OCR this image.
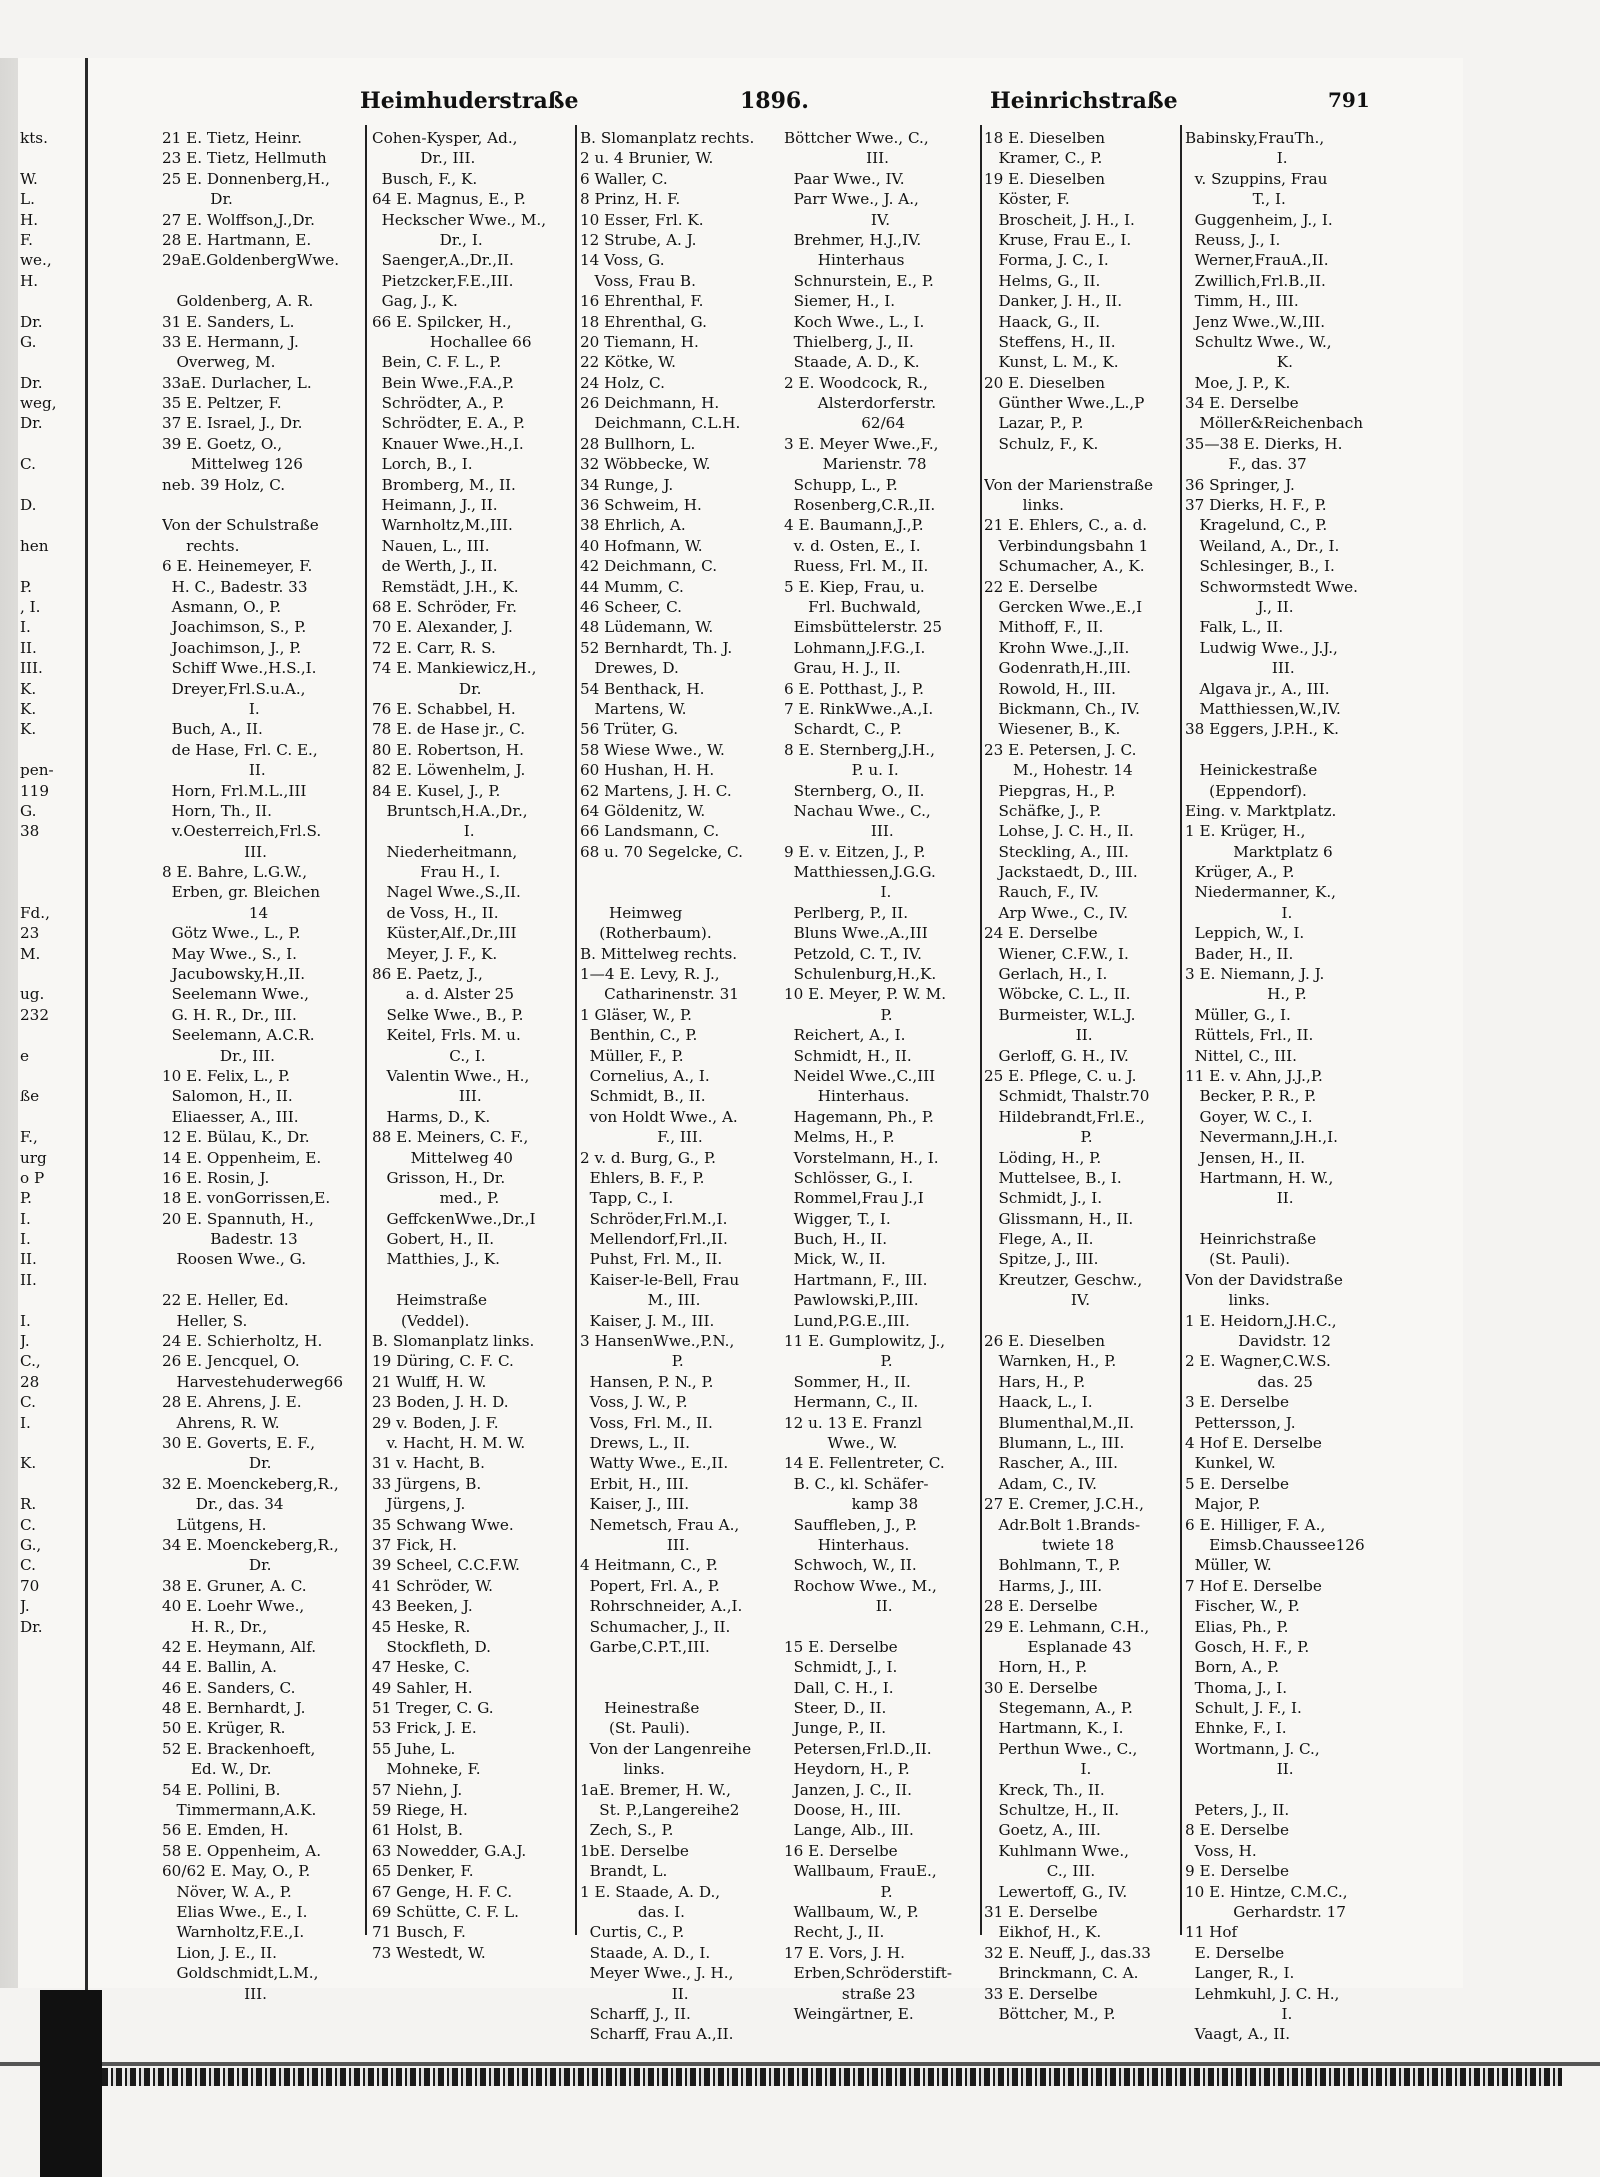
Heimhuderstraße	1896.	Heinrichstraße	791
kts.

W.
L.
H.
F.
we.,
H.

Dr.
G.

Dr.
weg,
Dr.

C.

D.

hen

P.
, I.
I.
II.
III.
K.
K.
K.

pen-
119
G.
38

Fd.,
23
M.

ug.
232

e

ße

F.,
urg
o P
P.
I.
I.
II.
II.

I.
J.
C.,
28
C.
I.

K.

R.
C.
G.,
C.
70
J.
Dr.
21 E. Tietz, Heinr.
23 E. Tietz, Hellmuth
25 E. Donnenberg,H.,
Dr.
27 E. Wolffson,J.,Dr.
28 E. Hartmann, E.
29aE.GoldenbergWwe.

Goldenberg, A. R.
31 E. Sanders, L.
33 E. Hermann, J.
Overweg, M.
33aE. Durlacher, L.
35 E. Peltzer, F.
37 E. Israel, J., Dr.
39 E. Goetz, O.,
Mittelweg 126
neb. 39 Holz, C.

Von der Schulstraße
rechts.
6 E. Heinemeyer, F.
H. C., Badestr. 33
Asmann, O., P.
Joachimson, S., P.
Joachimson, J., P.
Schiff Wwe.,H.S.,I.
Dreyer,Frl.S.u.A.,
I.
Buch, A., II.
de Hase, Frl. C. E.,
II.
Horn, Frl.M.L.,III
Horn, Th., II.
v.Oesterreich,Frl.S.
III.
8 E. Bahre, L.G.W.,
Erben, gr. Bleichen
14
Götz Wwe., L., P.
May Wwe., S., I.
Jacubowsky,H.,II.
Seelemann Wwe.,
G. H. R., Dr., III.
Seelemann, A.C.R.
Dr., III.
10 E. Felix, L., P.
Salomon, H., II.
Eliaesser, A., III.
12 E. Bülau, K., Dr.
14 E. Oppenheim, E.
16 E. Rosin, J.
18 E. vonGorrissen,E.
20 E. Spannuth, H.,
Badestr. 13
Roosen Wwe., G.

22 E. Heller, Ed.
Heller, S.
24 E. Schierholtz, H.
26 E. Jencquel, O.
Harvestehuderweg66
28 E. Ahrens, J. E.
Ahrens, R. W.
30 E. Goverts, E. F.,
Dr.
32 E. Moenckeberg,R.,
Dr., das. 34
Lütgens, H.
34 E. Moenckeberg,R.,
Dr.
38 E. Gruner, A. C.
40 E. Loehr Wwe.,
H. R., Dr.,
42 E. Heymann, Alf.
44 E. Ballin, A.
46 E. Sanders, C.
48 E. Bernhardt, J.
50 E. Krüger, R.
52 E. Brackenhoeft,
Ed. W., Dr.
54 E. Pollini, B.
Timmermann,A.K.
56 E. Emden, H.
58 E. Oppenheim, A.
60/62 E. May, O., P.
Növer, W. A., P.
Elias Wwe., E., I.
Warnholtz,F.E.,I.
Lion, J. E., II.
Goldschmidt,L.M.,
III.
Cohen-Kysper, Ad.,
Dr., III.
Busch, F., K.
64 E. Magnus, E., P.
Heckscher Wwe., M.,
Dr., I.
Saenger,A.,Dr.,II.
Pietzcker,F.E.,III.
Gag, J., K.
66 E. Spilcker, H.,
Hochallee 66
Bein, C. F. L., P.
Bein Wwe.,F.A.,P.
Schrödter, A., P.
Schrödter, E. A., P.
Knauer Wwe.,H.,I.
Lorch, B., I.
Bromberg, M., II.
Heimann, J., II.
Warnholtz,M.,III.
Nauen, L., III.
de Werth, J., II.
Remstädt, J.H., K.
68 E. Schröder, Fr.
70 E. Alexander, J.
72 E. Carr, R. S.
74 E. Mankiewicz,H.,
Dr.
76 E. Schabbel, H.
78 E. de Hase jr., C.
80 E. Robertson, H.
82 E. Löwenhelm, J.
84 E. Kusel, J., P.
Bruntsch,H.A.,Dr.,
I.
Niederheitmann,
Frau H., I.
Nagel Wwe.,S.,II.
de Voss, H., II.
Küster,Alf.,Dr.,III
Meyer, J. F., K.
86 E. Paetz, J.,
a. d. Alster 25
Selke Wwe., B., P.
Keitel, Frls. M. u.
C., I.
Valentin Wwe., H.,
III.
Harms, D., K.
88 E. Meiners, C. F.,
Mittelweg 40
Grisson, H., Dr.
med., P.
GeffckenWwe.,Dr.,I
Gobert, H., II.
Matthies, J., K.

Heimstraße
(Veddel).
B. Slomanplatz links.
19 Düring, C. F. C.
21 Wulff, H. W.
23 Boden, J. H. D.
29 v. Boden, J. F.
v. Hacht, H. M. W.
31 v. Hacht, B.
33 Jürgens, B.
Jürgens, J.
35 Schwang Wwe.
37 Fick, H.
39 Scheel, C.C.F.W.
41 Schröder, W.
43 Beeken, J.
45 Heske, R.
Stockfleth, D.
47 Heske, C.
49 Sahler, H.
51 Treger, C. G.
53 Frick, J. E.
55 Juhe, L.
Mohneke, F.
57 Niehn, J.
59 Riege, H.
61 Holst, B.
63 Nowedder, G.A.J.
65 Denker, F.
67 Genge, H. F. C.
69 Schütte, C. F. L.
71 Busch, F.
73 Westedt, W.
B. Slomanplatz rechts.
2 u. 4 Brunier, W.
6 Waller, C.
8 Prinz, H. F.
10 Esser, Frl. K.
12 Strube, A. J.
14 Voss, G.
Voss, Frau B.
16 Ehrenthal, F.
18 Ehrenthal, G.
20 Tiemann, H.
22 Kötke, W.
24 Holz, C.
26 Deichmann, H.
Deichmann, C.L.H.
28 Bullhorn, L.
32 Wöbbecke, W.
34 Runge, J.
36 Schweim, H.
38 Ehrlich, A.
40 Hofmann, W.
42 Deichmann, C.
44 Mumm, C.
46 Scheer, C.
48 Lüdemann, W.
52 Bernhardt, Th. J.
Drewes, D.
54 Benthack, H.
Martens, W.
56 Trüter, G.
58 Wiese Wwe., W.
60 Hushan, H. H.
62 Martens, J. H. C.
64 Göldenitz, W.
66 Landsmann, C.
68 u. 70 Segelcke, C.

Heimweg
(Rotherbaum).
B. Mittelweg rechts.
1—4 E. Levy, R. J.,
Catharinenstr. 31
1 Gläser, W., P.
Benthin, C., P.
Müller, F., P.
Cornelius, A., I.
Schmidt, B., II.
von Holdt Wwe., A.
F., III.
2 v. d. Burg, G., P.
Ehlers, B. F., P.
Tapp, C., I.
Schröder,Frl.M.,I.
Mellendorf,Frl.,II.
Puhst, Frl. M., II.
Kaiser-le-Bell, Frau
M., III.
Kaiser, J. M., III.
3 HansenWwe.,P.N.,
P.
Hansen, P. N., P.
Voss, J. W., P.
Voss, Frl. M., II.
Drews, L., II.
Watty Wwe., E.,II.
Erbit, H., III.
Kaiser, J., III.
Nemetsch, Frau A.,
III.
4 Heitmann, C., P.
Popert, Frl. A., P.
Rohrschneider, A.,I.
Schumacher, J., II.
Garbe,C.P.T.,III.

Heinestraße
(St. Pauli).
Von der Langenreihe
links.
1aE. Bremer, H. W.,
St. P.,Langereihe2
Zech, S., P.
1bE. Derselbe
Brandt, L.
1 E. Staade, A. D.,
das. I.
Curtis, C., P.
Staade, A. D., I.
Meyer Wwe., J. H.,
II.
Scharff, J., II.
Scharff, Frau A.,II.
Böttcher Wwe., C.,
III.
Paar Wwe., IV.
Parr Wwe., J. A.,
IV.
Brehmer, H.J.,IV.
Hinterhaus
Schnurstein, E., P.
Siemer, H., I.
Koch Wwe., L., I.
Thielberg, J., II.
Staade, A. D., K.
2 E. Woodcock, R.,
Alsterdorferstr.
62/64
3 E. Meyer Wwe.,F.,
Marienstr. 78
Schupp, L., P.
Rosenberg,C.R.,II.
4 E. Baumann,J.,P.
v. d. Osten, E., I.
Ruess, Frl. M., II.
5 E. Kiep, Frau, u.
Frl. Buchwald,
Eimsbüttelerstr. 25
Lohmann,J.F.G.,I.
Grau, H. J., II.
6 E. Potthast, J., P.
7 E. RinkWwe.,A.,I.
Schardt, C., P.
8 E. Sternberg,J.H.,
P. u. I.
Sternberg, O., II.
Nachau Wwe., C.,
III.
9 E. v. Eitzen, J., P.
Matthiessen,J.G.G.
I.
Perlberg, P., II.
Bluns Wwe.,A.,III
Petzold, C. T., IV.
Schulenburg,H.,K.
10 E. Meyer, P. W. M.
P.
Reichert, A., I.
Schmidt, H., II.
Neidel Wwe.,C.,III
Hinterhaus.
Hagemann, Ph., P.
Melms, H., P.
Vorstelmann, H., I.
Schlösser, G., I.
Rommel,Frau J.,I
Wigger, T., I.
Buch, H., II.
Mick, W., II.
Hartmann, F., III.
Pawlowski,P.,III.
Lund,P.G.E.,III.
11 E. Gumplowitz, J.,
P.
Sommer, H., II.
Hermann, C., II.
12 u. 13 E. Franzl
Wwe., W.
14 E. Fellentreter, C.
B. C., kl. Schäfer-
kamp 38
Sauffleben, J., P.
Hinterhaus.
Schwoch, W., II.
Rochow Wwe., M.,
II.

15 E. Derselbe
Schmidt, J., I.
Dall, C. H., I.
Steer, D., II.
Junge, P., II.
Petersen,Frl.D.,II.
Heydorn, H., P.
Janzen, J. C., II.
Doose, H., III.
Lange, Alb., III.
16 E. Derselbe
Wallbaum, FrauE.,
P.
Wallbaum, W., P.
Recht, J., II.
17 E. Vors, J. H.
Erben,Schröderstift-
straße 23
Weingärtner, E.
18 E. Dieselben
Kramer, C., P.
19 E. Dieselben
Köster, F.
Broscheit, J. H., I.
Kruse, Frau E., I.
Forma, J. C., I.
Helms, G., II.
Danker, J. H., II.
Haack, G., II.
Steffens, H., II.
Kunst, L. M., K.
20 E. Dieselben
Günther Wwe.,L.,P
Lazar, P., P.
Schulz, F., K.

Von der Marienstraße
links.
21 E. Ehlers, C., a. d.
Verbindungsbahn 1
Schumacher, A., K.
22 E. Derselbe
Gercken Wwe.,E.,I
Mithoff, F., II.
Krohn Wwe.,J.,II.
Godenrath,H.,III.
Rowold, H., III.
Bickmann, Ch., IV.
Wiesener, B., K.
23 E. Petersen, J. C.
M., Hohestr. 14
Piepgras, H., P.
Schäfke, J., P.
Lohse, J. C. H., II.
Steckling, A., III.
Jackstaedt, D., III.
Rauch, F., IV.
Arp Wwe., C., IV.
24 E. Derselbe
Wiener, C.F.W., I.
Gerlach, H., I.
Wöbcke, C. L., II.
Burmeister, W.L.J.
II.
Gerloff, G. H., IV.
25 E. Pflege, C. u. J.
Schmidt, Thalstr.70
Hildebrandt,Frl.E.,
P.
Löding, H., P.
Muttelsee, B., I.
Schmidt, J., I.
Glissmann, H., II.
Flege, A., II.
Spitze, J., III.
Kreutzer, Geschw.,
IV.

26 E. Dieselben
Warnken, H., P.
Hars, H., P.
Haack, L., I.
Blumenthal,M.,II.
Blumann, L., III.
Rascher, A., III.
Adam, C., IV.
27 E. Cremer, J.C.H.,
Adr.Bolt 1.Brands-
twiete 18
Bohlmann, T., P.
Harms, J., III.
28 E. Derselbe
29 E. Lehmann, C.H.,
Esplanade 43
Horn, H., P.
30 E. Derselbe
Stegemann, A., P.
Hartmann, K., I.
Perthun Wwe., C.,
I.
Kreck, Th., II.
Schultze, H., II.
Goetz, A., III.
Kuhlmann Wwe.,
C., III.
Lewertoff, G., IV.
31 E. Derselbe
Eikhof, H., K.
32 E. Neuff, J., das.33
Brinckmann, C. A.
33 E. Derselbe
Böttcher, M., P.
Babinsky,FrauTh.,
I.
v. Szuppins, Frau
T., I.
Guggenheim, J., I.
Reuss, J., I.
Werner,FrauA.,II.
Zwillich,Frl.B.,II.
Timm, H., III.
Jenz Wwe.,W.,III.
Schultz Wwe., W.,
K.
Moe, J. P., K.
34 E. Derselbe
Möller&Reichenbach
35—38 E. Dierks, H.
F., das. 37
36 Springer, J.
37 Dierks, H. F., P.
Kragelund, C., P.
Weiland, A., Dr., I.
Schlesinger, B., I.
Schwormstedt Wwe.
J., II.
Falk, L., II.
Ludwig Wwe., J.J.,
III.
Algava jr., A., III.
Matthiessen,W.,IV.
38 Eggers, J.P.H., K.

Heinickestraße
(Eppendorf).
Eing. v. Marktplatz.
1 E. Krüger, H.,
Marktplatz 6
Krüger, A., P.
Niedermanner, K.,
I.
Leppich, W., I.
Bader, H., II.
3 E. Niemann, J. J.
H., P.
Müller, G., I.
Rüttels, Frl., II.
Nittel, C., III.
11 E. v. Ahn, J.J.,P.
Becker, P. R., P.
Goyer, W. C., I.
Nevermann,J.H.,I.
Jensen, H., II.
Hartmann, H. W.,
II.

Heinrichstraße
(St. Pauli).
Von der Davidstraße
links.
1 E. Heidorn,J.H.C.,
Davidstr. 12
2 E. Wagner,C.W.S.
das. 25
3 E. Derselbe
Pettersson, J.
4 Hof E. Derselbe
Kunkel, W.
5 E. Derselbe
Major, P.
6 E. Hilliger, F. A.,
Eimsb.Chaussee126
Müller, W.
7 Hof E. Derselbe
Fischer, W., P.
Elias, Ph., P.
Gosch, H. F., P.
Born, A., P.
Thoma, J., I.
Schult, J. F., I.
Ehnke, F., I.
Wortmann, J. C.,
II.

Peters, J., II.
8 E. Derselbe
Voss, H.
9 E. Derselbe
10 E. Hintze, C.M.C.,
Gerhardstr. 17
11 Hof
E. Derselbe
Langer, R., I.
Lehmkuhl, J. C. H.,
I.
Vaagt, A., II.
